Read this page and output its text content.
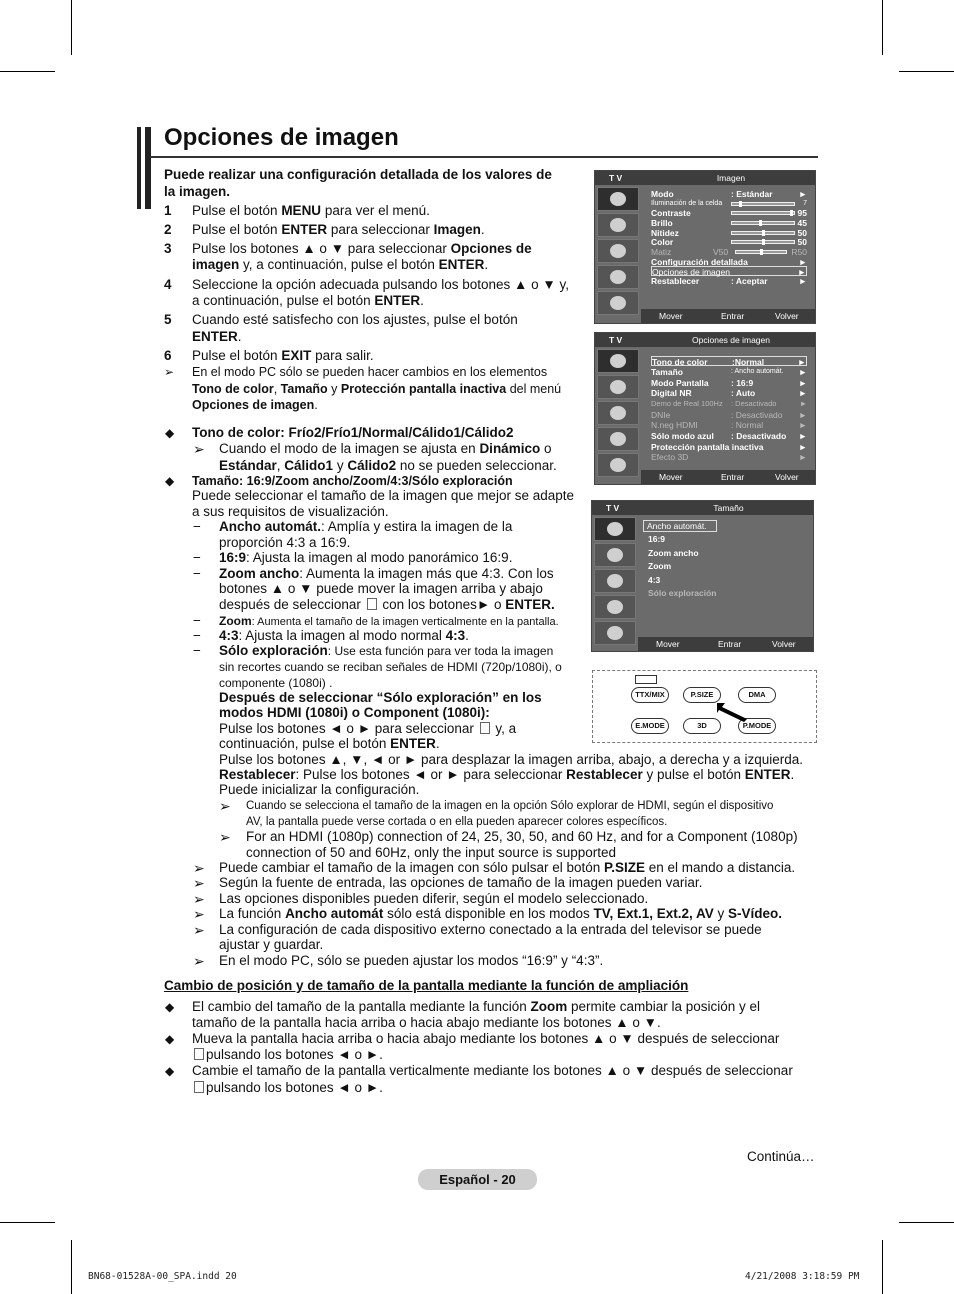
Opciones de imagen
Puede realizar una configuración detallada de los valores de
la imagen.
1 Pulse el botón MENU para ver el menú.
2 Pulse el botón ENTER para seleccionar Imagen.
3 Pulse los botones ▲ o ▼ para seleccionar Opciones de
imagen y, a continuación, pulse el botón ENTER.
4 Seleccione la opción adecuada pulsando los botones ▲ o ▼ y,
a continuación, pulse el botón ENTER.
5 Cuando esté satisfecho con los ajustes, pulse el botón
ENTER.
6 Pulse el botón EXIT para salir.
➢ En el modo PC sólo se pueden hacer cambios en los elementos
Tono de color, Tamaño y Protección pantalla inactiva del menú
Opciones de imagen.
◆ Tono de color: Frío2/Frío1/Normal/Cálido1/Cálido2
➢ Cuando el modo de la imagen se ajusta en Dinámico o
Estándar, Cálido1 y Cálido2 no se pueden seleccionar.
◆ Tamaño: 16:9/Zoom ancho/Zoom/4:3/Sólo exploración
Puede seleccionar el tamaño de la imagen que mejor se adapte
a sus requisitos de visualización.
− Ancho automát.: Amplía y estira la imagen de la
proporción 4:3 a 16:9.
− 16:9: Ajusta la imagen al modo panorámico 16:9.
− Zoom ancho: Aumenta la imagen más que 4:3. Con los
botones ▲ o ▼ puede mover la imagen arriba y abajo
después de seleccionar  con los botones► o ENTER.
− Zoom: Aumenta el tamaño de la imagen verticalmente en la pantalla.
− 4:3: Ajusta la imagen al modo normal 4:3.
− Sólo exploración: Use esta función para ver toda la imagen
sin recortes cuando se reciban señales de HDMI (720p/1080i), o
componente (1080i) .
Después de seleccionar “Sólo exploración” en los
modos HDMI (1080i) o Component (1080i):
Pulse los botones ◄ o ► para seleccionar  y, a
continuación, pulse el botón ENTER.
Pulse los botones ▲, ▼, ◄ or ► para desplazar la imagen arriba, abajo, a derecha y a izquierda.
Restablecer: Pulse los botones ◄ or ► para seleccionar Restablecer y pulse el botón ENTER.
Puede inicializar la configuración.
➢ Cuando se selecciona el tamaño de la imagen en la opción Sólo explorar de HDMI, según el dispositivo
AV, la pantalla puede verse cortada o en ella pueden aparecer colores específicos.
➢ For an HDMI (1080p) connection of 24, 25, 30, 50, and 60 Hz, and for a Component (1080p)
connection of 50 and 60Hz, only the input source is supported
➢ Puede cambiar el tamaño de la imagen con sólo pulsar el botón P.SIZE en el mando a distancia.
➢ Según la fuente de entrada, las opciones de tamaño de la imagen pueden variar.
➢ Las opciones disponibles pueden diferir, según el modelo seleccionado.
➢ La función Ancho automát sólo está disponible en los modos TV, Ext.1, Ext.2, AV y S-Vídeo.
➢ La configuración de cada dispositivo externo conectado a la entrada del televisor se puede
ajustar y guardar.
➢ En el modo PC, sólo se pueden ajustar los modos “16:9” y “4:3”.
Cambio de posición y de tamaño de la pantalla mediante la función de ampliación
◆ El cambio del tamaño de la pantalla mediante la función Zoom permite cambiar la posición y el
tamaño de la pantalla hacia arriba o hacia abajo mediante los botones ▲ o ▼.
◆ Mueva la pantalla hacia arriba o hacia abajo mediante los botones ▲ o ▼ después de seleccionar
pulsando los botones ◄ o ►.
◆ Cambie el tamaño de la pantalla verticalmente mediante los botones ▲ o ▼ después de seleccionar
pulsando los botones ◄ o ►.
Continúa…
Español - 20
BN68-01528A-00_SPA.indd 20	4/21/2008 3:18:59 PM
T V	Imagen
Modo	: Estándar	►
Iluminación de la celda	7
Contraste	95
Brillo	45
Nitidez	50
Color	50
Matiz	V50	R50
Configuración detallada	►
Opciones de imagen	►
Restablecer	: Aceptar	►
Mover	Entrar	Volver
T V	Opciones de imagen
Tono de color	:Normal	►
Tamaño	: Ancho automát. ►
Modo Pantalla	: 16:9	►
Digital NR	: Auto	►
Demo de Real 100Hz : Desactivado	►
DNIe	: Desactivado ►
N.neg HDMI	: Normal	►
Sólo modo azul : Desactivado ►
Protección pantalla inactiva	►
Efecto 3D	►
Mover	Entrar	Volver
T V	Tamaño
Ancho automát.
16:9
Zoom ancho
Zoom
4:3
Sólo exploración
Mover	Entrar	Volver
TTX/MIX	P.SIZE	DMA
E.MODE	3D	P.MODE
